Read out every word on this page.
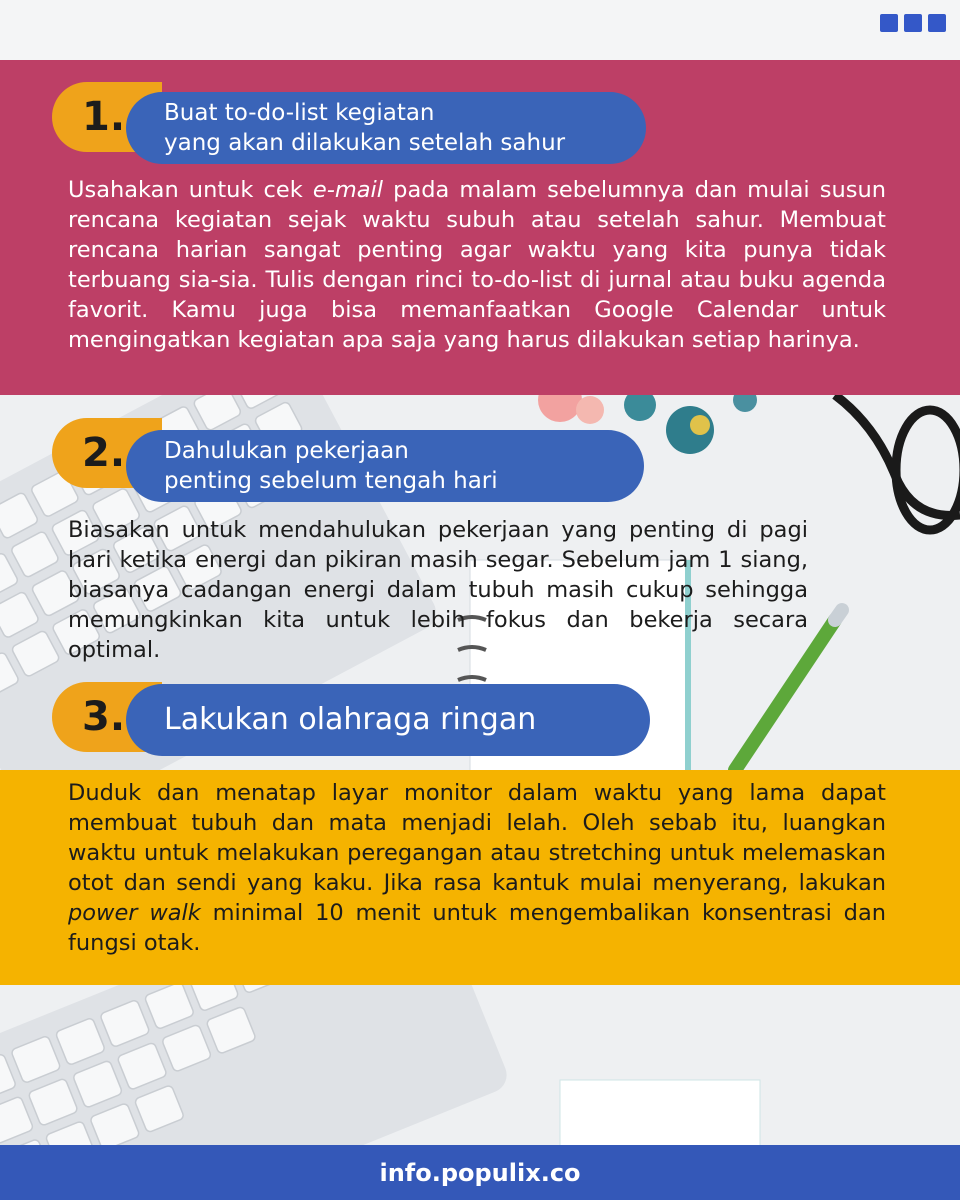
1.	Buat to-do-list kegiatan
yang akan dilakukan setelah sahur

Usahakan untuk cek e-mail pada malam sebelumnya dan mulai susun rencana kegiatan sejak waktu subuh atau setelah sahur. Membuat rencana harian sangat penting agar waktu yang kita punya tidak terbuang sia-sia. Tulis dengan rinci to-do-list di jurnal atau buku agenda favorit. Kamu juga bisa memanfaatkan Google Calendar untuk mengingatkan kegiatan apa saja yang harus dilakukan setiap harinya.

2.	Dahulukan pekerjaan
penting sebelum tengah hari

Biasakan untuk mendahulukan pekerjaan yang penting di pagi hari ketika energi dan pikiran masih segar. Sebelum jam 1 siang, biasanya cadangan energi dalam tubuh masih cukup sehingga memungkinkan kita untuk lebih fokus dan bekerja secara optimal.

3.	Lakukan olahraga ringan

Duduk dan menatap layar monitor dalam waktu yang lama dapat membuat tubuh dan mata menjadi lelah. Oleh sebab itu, luangkan waktu untuk melakukan peregangan atau stretching untuk melemaskan otot dan sendi yang kaku. Jika rasa kantuk mulai menyerang, lakukan power walk minimal 10 menit untuk mengembalikan konsentrasi dan fungsi otak.

info.populix.co
